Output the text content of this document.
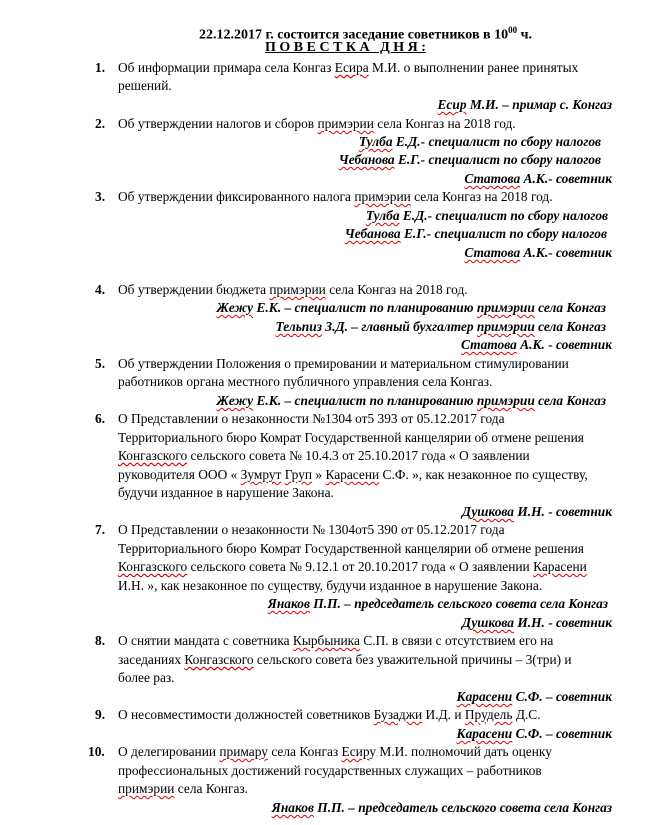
22.12.2017 г. состоится заседание советников в $10^{00}$ ч.
П О В Е С Т К А   Д Н Я :
1. Об информации примара села Конгаз Есира М.И. о выполнении ранее принятых
решений.
Есир М.И. – примар с. Конгаз
2. Об утверждении налогов и сборов примэрии села Конгаз на 2018 год.
Тулба Е.Д.- специалист по сбору налогов
Чебанова Е.Г.- специалист по сбору налогов
Статова А.К.- советник
3. Об утверждении фиксированного налога примэрии села Конгаз на 2018 год.
Тулба Е.Д.- специалист по сбору налогов
Чебанова Е.Г.- специалист по сбору налогов
Статова А.К.- советник
4. Об утверждении бюджета примэрии села Конгаз на 2018 год.
Жежу Е.К. – специалист по планированию примэрии села Конгаз
Тельпиз З.Д. – главный бухгалтер примэрии села Конгаз
Статова А.К. - советник
5. Об утверждении Положения о премировании и материальном стимулировании
работников органа местного публичного управления села Конгаз.
Жежу Е.К. – специалист по планированию примэрии села Конгаз
6. О Представлении о незаконности №1304 от5 393 от 05.12.2017 года
Территориального бюро Комрат Государственной канцелярии об отмене решения
Конгазского сельского совета № 10.4.3 от 25.10.2017 года « О заявлении
руководителя ООО « Зумрут Груп » Карасени С.Ф. », как незаконное по существу,
будучи изданное в нарушение Закона.
Душкова И.Н. - советник
7. О Представлении о незаконности № 1304от5 390 от 05.12.2017 года
Территориального бюро Комрат Государственной канцелярии об отмене решения
Конгазского сельского совета № 9.12.1 от 20.10.2017 года « О заявлении Карасени
И.Н. », как незаконное по существу, будучи изданное в нарушение Закона.
Янаков П.П. – председатель сельского совета села Конгаз
Душкова И.Н. - советник
8. О снятии мандата с советника Кырбыника С.П. в связи с отсутствием его на
заседаниях Конгазского сельского совета без уважительной причины – 3(три) и
более раз.
Карасени С.Ф. – советник
9. О несовместимости должностей советников Бузаджи И.Д. и Прудель Д.С.
Карасени С.Ф. – советник
10. О делегировании примару села Конгаз Есиру М.И. полномочий дать оценку
профессиональных достижений государственных служащих – работников
примэрии села Конгаз.
Янаков П.П. – председатель сельского совета села Конгаз
